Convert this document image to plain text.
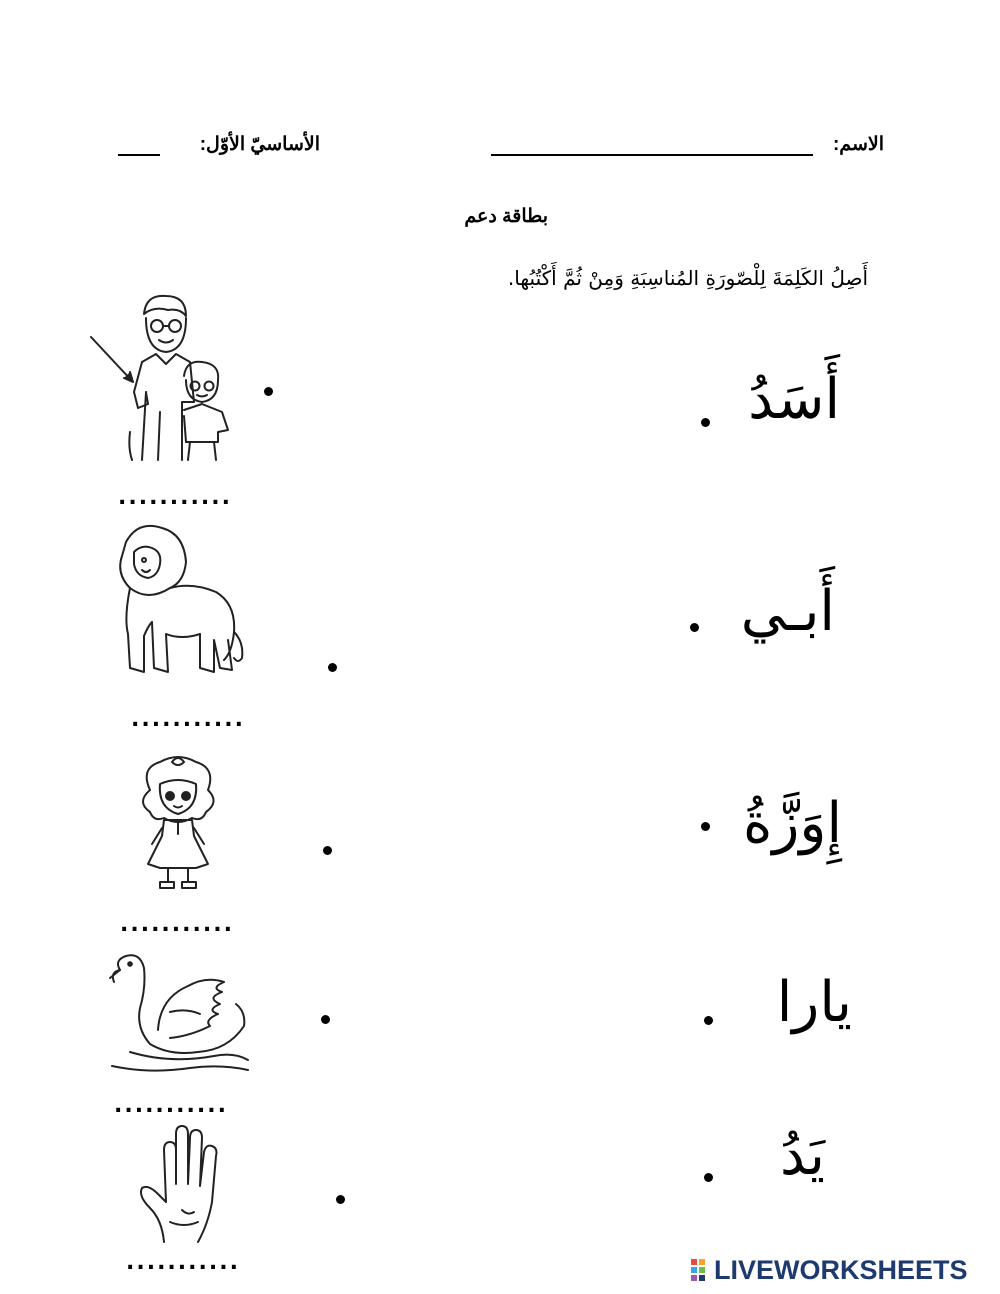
الاسم:
الأساسيّ الأوّل:
بطاقة دعم
أَصِلُ الكَلِمَةَ لِلْصّورَةِ المُناسِبَةِ وَمِنْ ثُمَّ أَكْتُبُها.
أَسَدُ
أَبـي
إِوَزَّةُ
يارا
يَدُ
...........
...........
...........
...........
...........	LIVEWORKSHEETS
